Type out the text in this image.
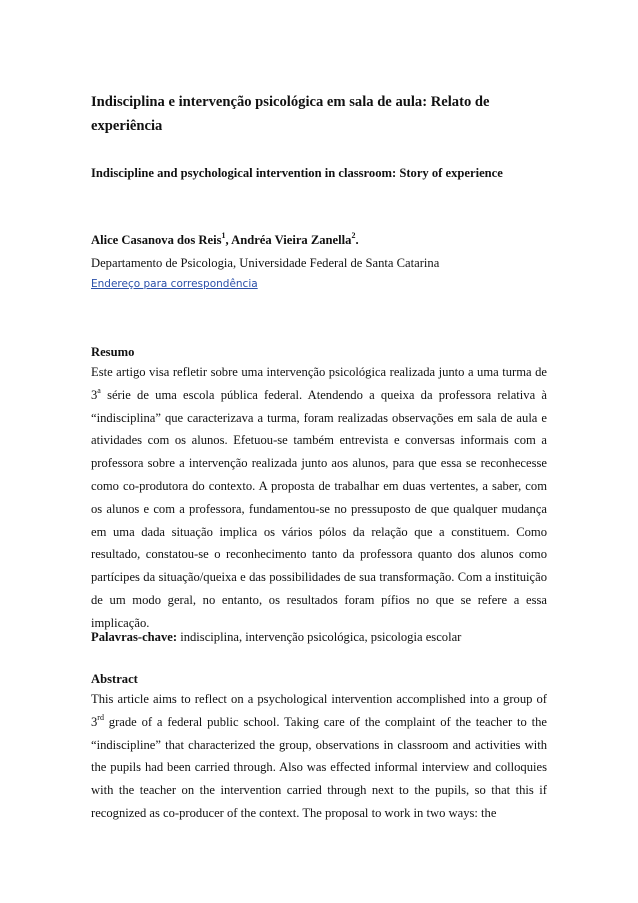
Indisciplina e intervenção psicológica em sala de aula: Relato de experiência
Indiscipline and psychological intervention in classroom: Story of experience
Alice Casanova dos Reis$^1$, Andréa Vieira Zanella$^2$.
Departamento de Psicologia, Universidade Federal de Santa Catarina
Endereço para correspondência
Resumo

Este artigo visa refletir sobre uma intervenção psicológica realizada junto a uma turma de 3$^a$ série de uma escola pública federal. Atendendo a queixa da professora relativa à “indisciplina” que caracterizava a turma, foram realizadas observações em sala de aula e atividades com os alunos. Efetuou-se também entrevista e conversas informais com a professora sobre a intervenção realizada junto aos alunos, para que essa se reconhecesse como co-produtora do contexto. A proposta de trabalhar em duas vertentes, a saber, com os alunos e com a professora, fundamentou-se no pressuposto de que qualquer mudança em uma dada situação implica os vários pólos da relação que a constituem. Como resultado, constatou-se o reconhecimento tanto da professora quanto dos alunos como partícipes da situação/queixa e das possibilidades de sua transformação. Com a instituição de um modo geral, no entanto, os resultados foram pífios no que se refere a essa implicação.

Palavras-chave: indisciplina, intervenção psicológica, psicologia escolar
Abstract

This article aims to reflect on a psychological intervention accomplished into a group of 3rd grade of a federal public school. Taking care of the complaint of the teacher to the “indiscipline” that characterized the group, observations in classroom and activities with the pupils had been carried through. Also was effected informal interview and colloquies with the teacher on the intervention carried through next to the pupils, so that this if recognized as co-producer of the context. The proposal to work in two ways: the
